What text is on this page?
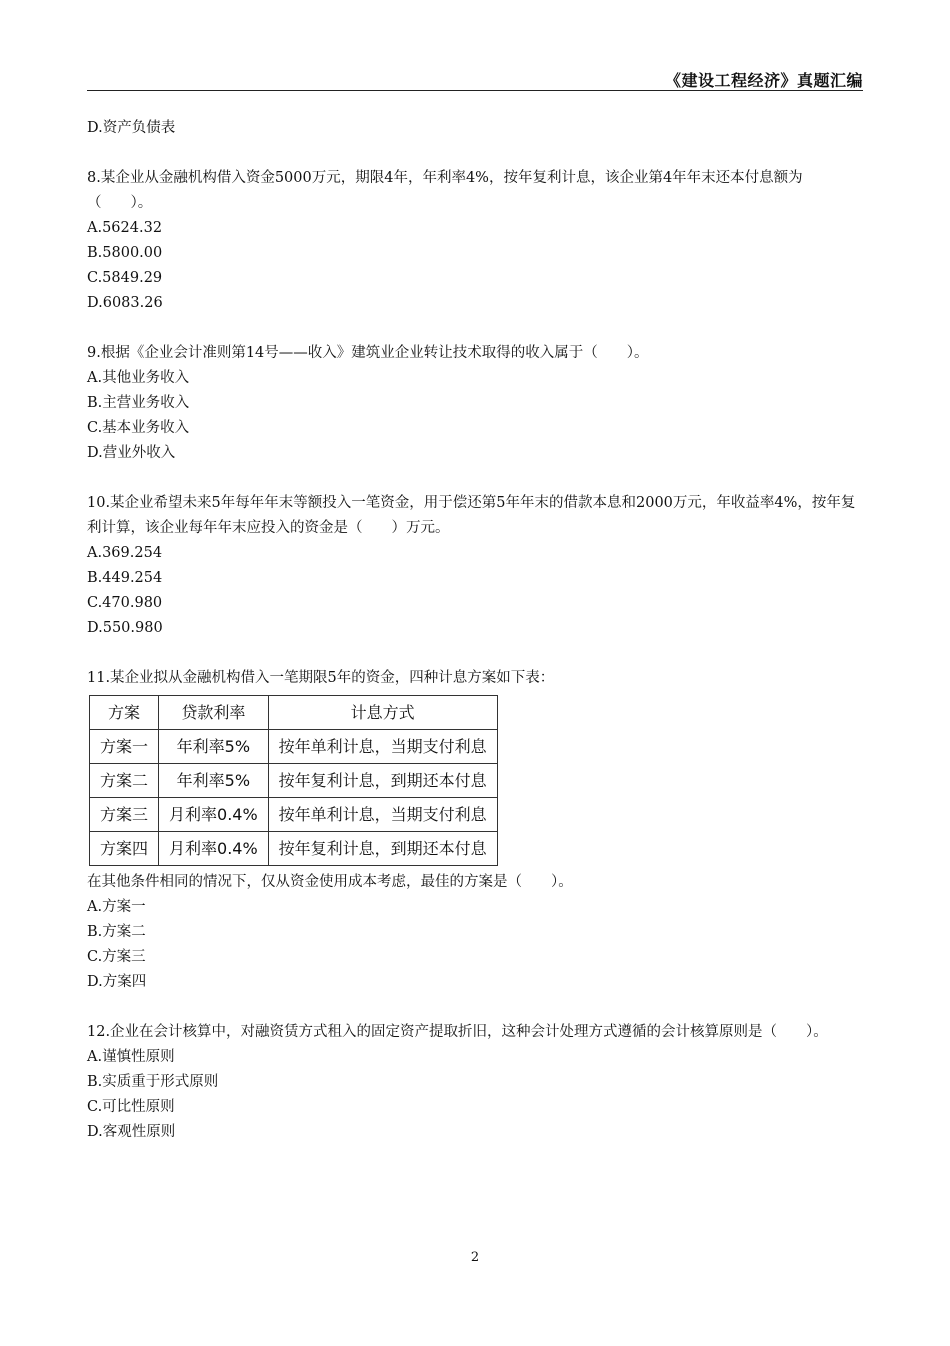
《建设工程经济》真题汇编
D.资产负债表
8.某企业从金融机构借入资金5000万元，期限4年，年利率4%，按年复利计息，该企业第4年年末还本付息额为（　　）。
A.5624.32
B.5800.00
C.5849.29
D.6083.26
9.根据《企业会计准则第14号——收入》建筑业企业转让技术取得的收入属于（　　）。
A.其他业务收入
B.主营业务收入
C.基本业务收入
D.营业外收入
10.某企业希望未来5年每年年末等额投入一笔资金，用于偿还第5年年末的借款本息和2000万元，年收益率4%，按年复利计算，该企业每年年末应投入的资金是（　　）万元。
A.369.254
B.449.254
C.470.980
D.550.980
11.某企业拟从金融机构借入一笔期限5年的资金，四种计息方案如下表：
方案	贷款利率	计息方式
方案一	年利率5%	按年单利计息，当期支付利息
方案二	年利率5%	按年复利计息，到期还本付息
方案三	月利率0.4%	按年单利计息，当期支付利息
方案四	月利率0.4%	按年复利计息，到期还本付息
在其他条件相同的情况下，仅从资金使用成本考虑，最佳的方案是（　　）。
A.方案一
B.方案二
C.方案三
D.方案四
12.企业在会计核算中，对融资赁方式租入的固定资产提取折旧，这种会计处理方式遵循的会计核算原则是（　　）。
A.谨慎性原则
B.实质重于形式原则
C.可比性原则
D.客观性原则
2
